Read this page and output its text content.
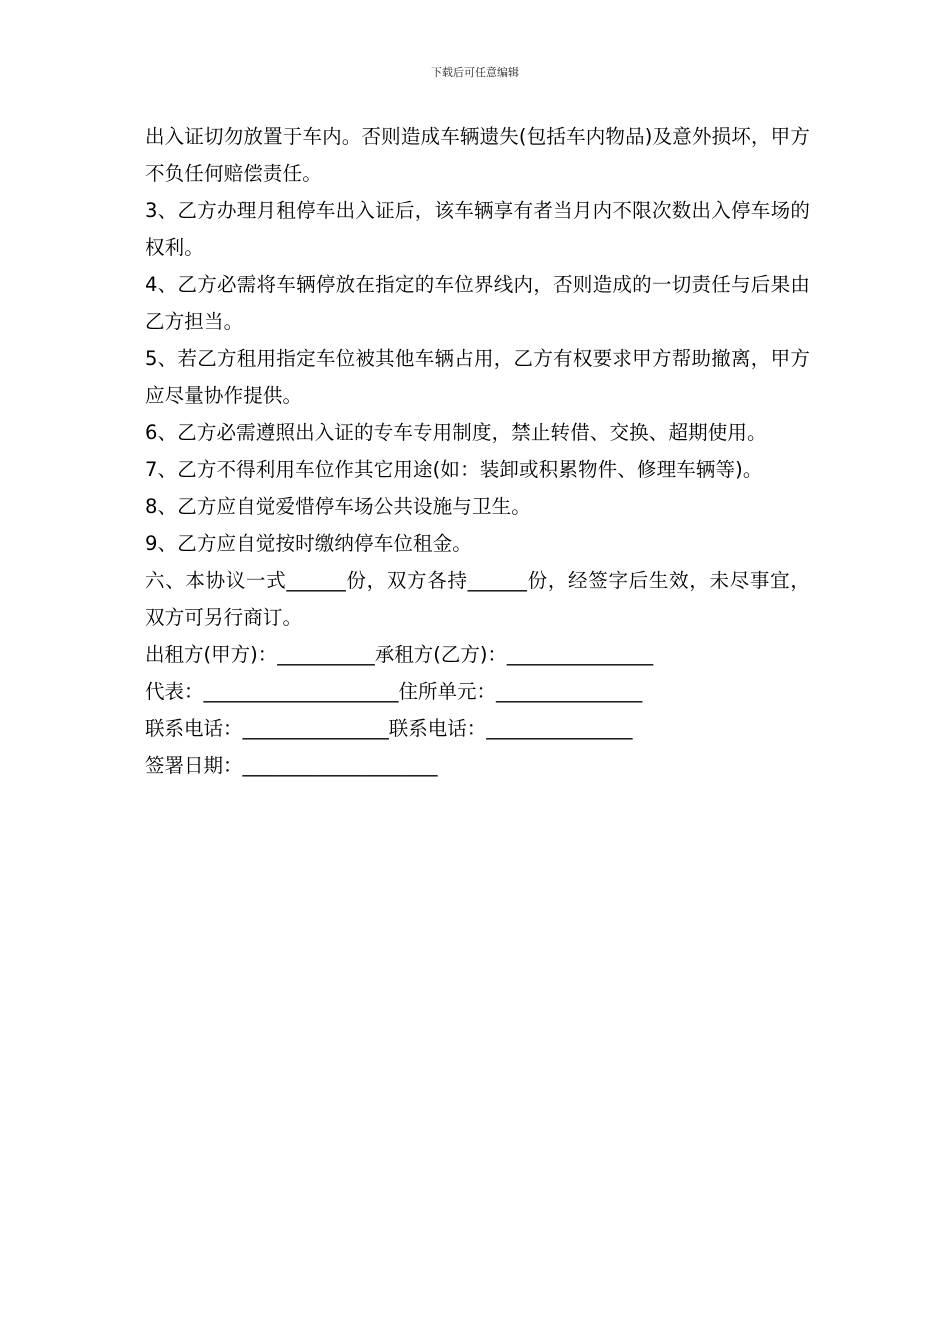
下载后可任意编辑

出入证切勿放置于车内。否则造成车辆遗失(包括车内物品)及意外损坏，甲方不负任何赔偿责任。

3、乙方办理月租停车出入证后，该车辆享有者当月内不限次数出入停车场的权利。

4、乙方必需将车辆停放在指定的车位界线内，否则造成的一切责任与后果由乙方担当。

5、若乙方租用指定车位被其他车辆占用，乙方有权要求甲方帮助撤离，甲方应尽量协作提供。

6、乙方必需遵照出入证的专车专用制度，禁止转借、交换、超期使用。

7、乙方不得利用车位作其它用途(如：装卸或积累物件、修理车辆等)。

8、乙方应自觉爱惜停车场公共设施与卫生。

9、乙方应自觉按时缴纳停车位租金。

六、本协议一式______份，双方各持______份，经签字后生效，未尽事宜，双方可另行商订。

出租方(甲方)：__________承租方(乙方)：_______________

代表：____________________住所单元：_______________

联系电话：_______________联系电话：_______________

签署日期：____________________
